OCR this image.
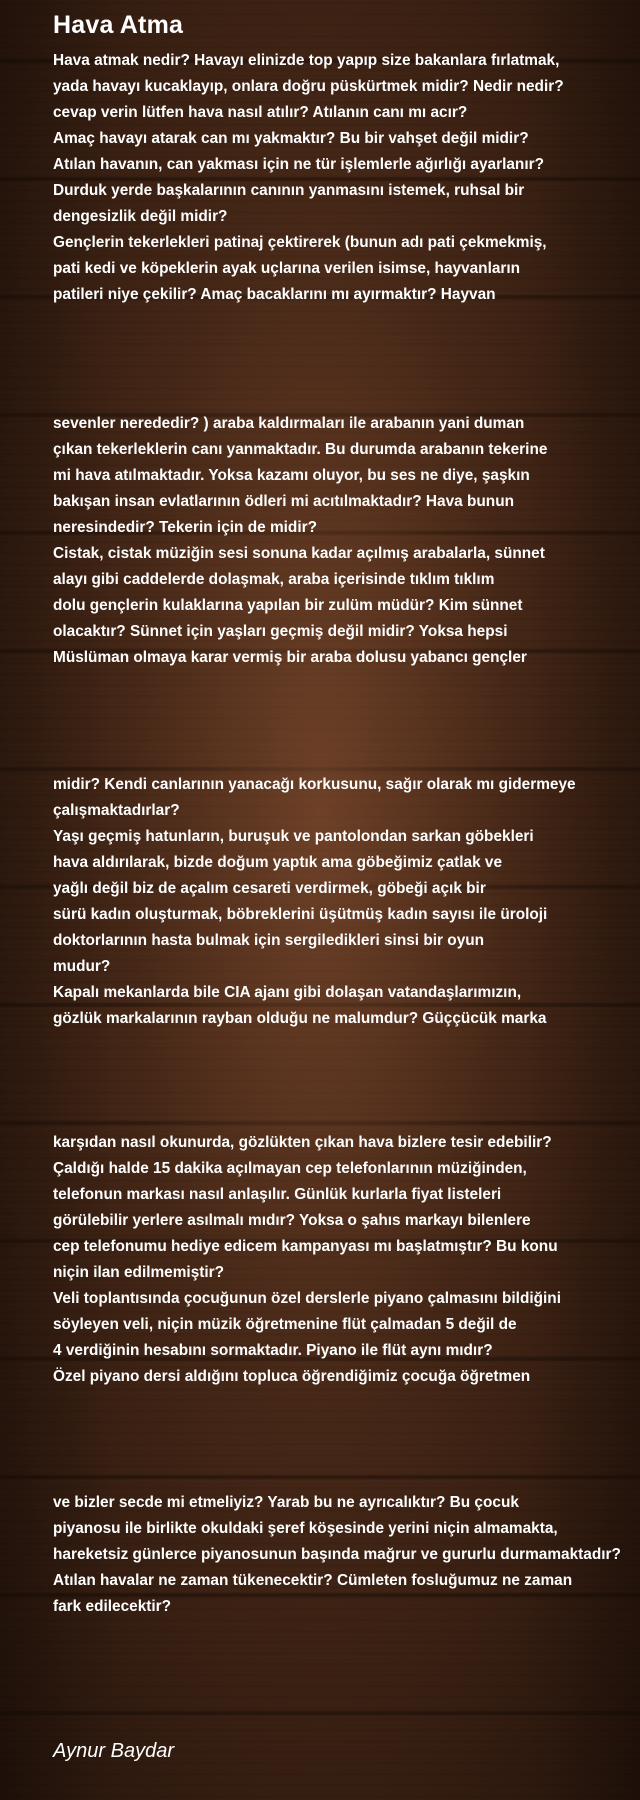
Hava Atma
Hava atmak nedir? Havayı elinizde top yapıp size bakanlara fırlatmak,
yada havayı kucaklayıp, onlara doğru püskürtmek midir? Nedir nedir?
cevap verin lütfen hava nasıl atılır? Atılanın canı mı acır?
Amaç havayı atarak can mı yakmaktır? Bu bir vahşet değil midir?
Atılan havanın, can yakması için ne tür işlemlerle ağırlığı ayarlanır?
Durduk yerde başkalarının canının yanmasını istemek, ruhsal bir
dengesizlik değil midir?
Gençlerin tekerlekleri patinaj çektirerek (bunun adı pati çekmekmiş,
pati kedi ve köpeklerin ayak uçlarına verilen isimse, hayvanların
patileri niye çekilir? Amaç bacaklarını mı ayırmaktır? Hayvan
sevenler nerededir? ) araba kaldırmaları ile arabanın yani duman
çıkan tekerleklerin canı yanmaktadır. Bu durumda arabanın tekerine
mi hava atılmaktadır. Yoksa kazamı oluyor, bu ses ne diye, şaşkın
bakışan insan evlatlarının ödleri mi acıtılmaktadır? Hava bunun
neresindedir? Tekerin için de midir?
Cistak, cistak müziğin sesi sonuna kadar açılmış arabalarla, sünnet
alayı gibi caddelerde dolaşmak, araba içerisinde tıklım tıklım
dolu gençlerin kulaklarına yapılan bir zulüm müdür? Kim sünnet
olacaktır? Sünnet için yaşları geçmiş değil midir? Yoksa hepsi
Müslüman olmaya karar vermiş bir araba dolusu yabancı gençler
midir? Kendi canlarının yanacağı korkusunu, sağır olarak mı gidermeye
çalışmaktadırlar?
Yaşı geçmiş hatunların, buruşuk ve pantolondan sarkan göbekleri
hava aldırılarak, bizde doğum yaptık ama göbeğimiz çatlak ve
yağlı değil biz de açalım cesareti verdirmek, göbeği açık bir
sürü kadın oluşturmak, böbreklerini üşütmüş kadın sayısı ile üroloji
doktorlarının hasta bulmak için sergiledikleri sinsi bir oyun
mudur?
Kapalı mekanlarda bile CIA ajanı gibi dolaşan vatandaşlarımızın,
gözlük markalarının rayban olduğu ne malumdur? Güççücük marka
karşıdan nasıl okunurda, gözlükten çıkan hava bizlere tesir edebilir?
Çaldığı halde 15 dakika açılmayan cep telefonlarının müziğinden,
telefonun markası nasıl anlaşılır. Günlük kurlarla fiyat listeleri
görülebilir yerlere asılmalı mıdır? Yoksa o şahıs markayı bilenlere
cep telefonumu hediye edicem kampanyası mı başlatmıştır? Bu konu
niçin ilan edilmemiştir?
Veli toplantısında çocuğunun özel derslerle piyano çalmasını bildiğini
söyleyen veli, niçin müzik öğretmenine flüt çalmadan 5 değil de
4 verdiğinin hesabını sormaktadır. Piyano ile flüt aynı mıdır?
Özel piyano dersi aldığını topluca öğrendiğimiz çocuğa öğretmen
ve bizler secde mi etmeliyiz? Yarab bu ne ayrıcalıktır? Bu çocuk
piyanosu ile birlikte okuldaki şeref köşesinde yerini niçin almamakta,
hareketsiz günlerce piyanosunun başında mağrur ve gururlu durmamaktadır?
Atılan havalar ne zaman tükenecektir? Cümleten fosluğumuz ne zaman
fark edilecektir?
Aynur Baydar
